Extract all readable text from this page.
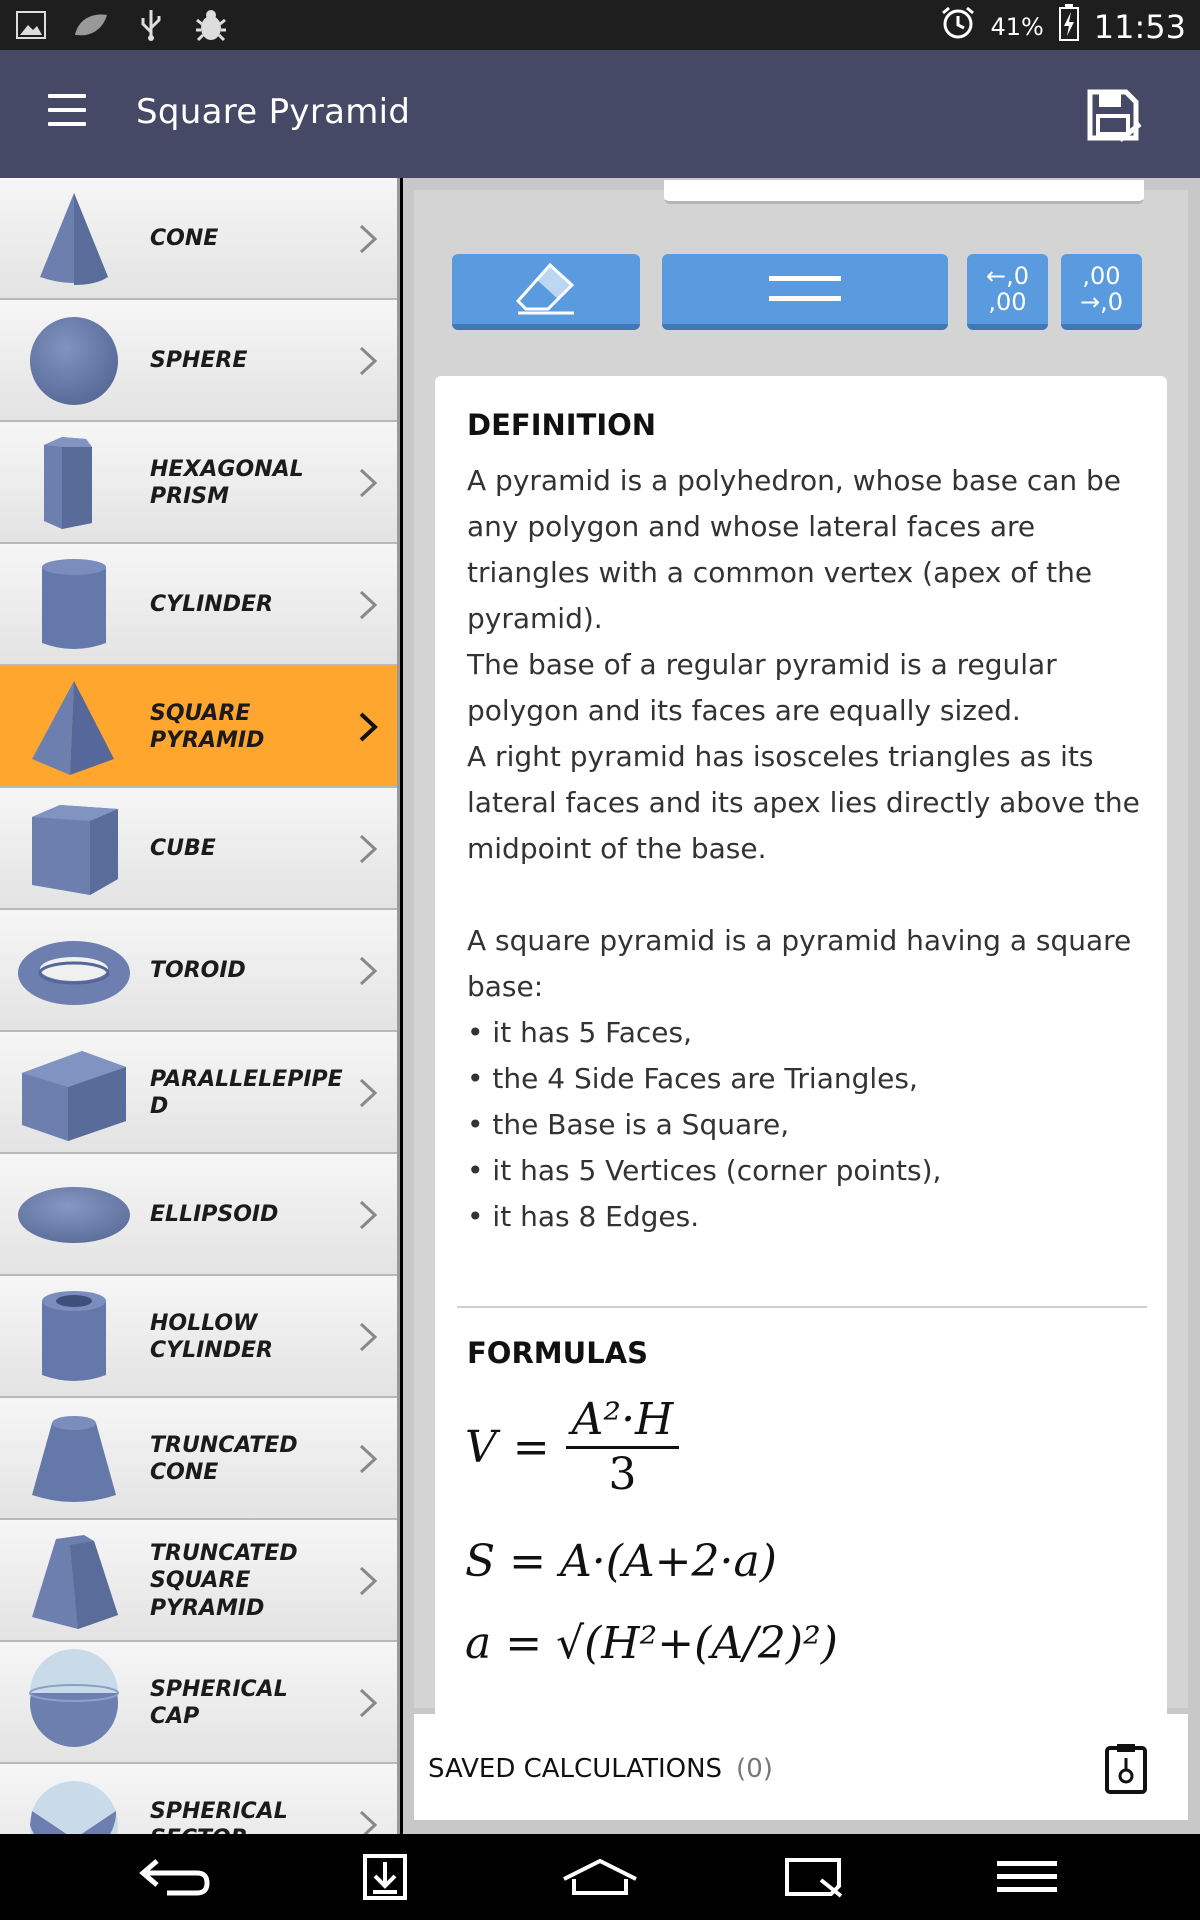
41% 11:53
Square Pyramid
CONE
SPHERE
HEXAGONAL
PRISM
CYLINDER
SQUARE
PYRAMID
CUBE
TOROID
PARALLELEPIPE
D
ELLIPSOID
HOLLOW
CYLINDER
TRUNCATED
CONE
TRUNCATED
SQUARE
PYRAMID
SPHERICAL CAP
SPHERICAL

←,0
,00
,00
→,0
DEFINITION

A pyramid is a polyhedron, whose base can be any polygon and whose lateral faces are triangles with a common vertex (apex of the pyramid).

The base of a regular pyramid is a regular polygon and its faces are equally sized.

A right pyramid has isosceles triangles as its lateral faces and its apex lies directly above the midpoint of the base.

A square pyramid is a pyramid having a square base:

• it has 5 Faces,

• the 4 Side Faces are Triangles,

• the Base is a Square,

• it has 5 Vertices (corner points),

• it has 8 Edges.

FORMULAS
$V = \frac{\text{A²·H}}{3}$
S = A·(A+2·a)
a = √(H²+(A/2)²)
SAVED CALCULATIONS (0)
